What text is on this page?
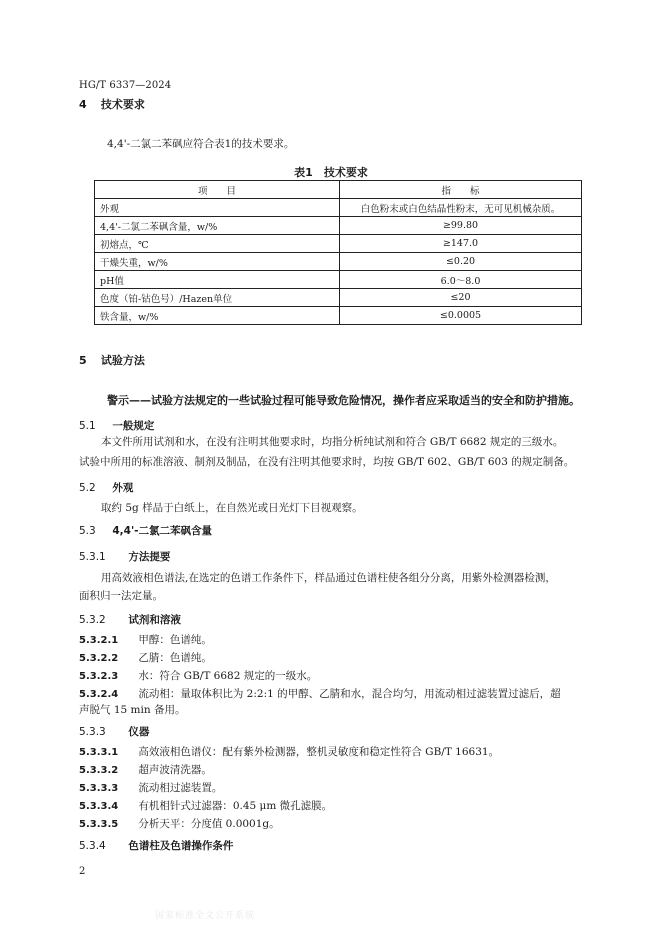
HG/T 6337—2024
4 技术要求
4,4'-二氯二苯砜应符合表1的技术要求。
表1　技术要求
项　　目	指　　标
外观	白色粉末或白色结晶性粉末，无可见机械杂质。
4,4'-二氯二苯砜含量，w/%	≥99.80
初熔点，℃	≥147.0
干燥失重，w/%	≤0.20
pH值	6.0～8.0
色度（铂-钴色号）/Hazen单位	≤20
铁含量，w/%	≤0.0005
5 试验方法
警示——试验方法规定的一些试验过程可能导致危险情况，操作者应采取适当的安全和防护措施。
5.1 一般规定
本文件所用试剂和水，在没有注明其他要求时，均指分析纯试剂和符合 GB/T 6682 规定的三级水。
试验中所用的标准溶液、制剂及制品，在没有注明其他要求时，均按 GB/T 602、GB/T 603 的规定制备。
5.2 外观
取约 5g 样品于白纸上，在自然光或日光灯下目视观察。
5.3 4,4'-二氯二苯砜含量
5.3.1 方法提要
用高效液相色谱法,在选定的色谱工作条件下，样品通过色谱柱使各组分分离，用紫外检测器检测，
面积归一法定量。
5.3.2 试剂和溶液
5.3.2.1 甲醇：色谱纯。
5.3.2.2 乙腈：色谱纯。
5.3.2.3 水：符合 GB/T 6682 规定的一级水。
5.3.2.4 流动相：量取体积比为 2:2:1 的甲醇、乙腈和水，混合均匀，用流动相过滤装置过滤后，超
声脱气 15 min 备用。
5.3.3 仪器
5.3.3.1 高效液相色谱仪：配有紫外检测器，整机灵敏度和稳定性符合 GB/T 16631。
5.3.3.2 超声波清洗器。
5.3.3.3 流动相过滤装置。
5.3.3.4 有机相针式过滤器：0.45 μm 微孔滤膜。
5.3.3.5 分析天平：分度值 0.0001g。
5.3.4 色谱柱及色谱操作条件
2
国家标准全文公开系统
